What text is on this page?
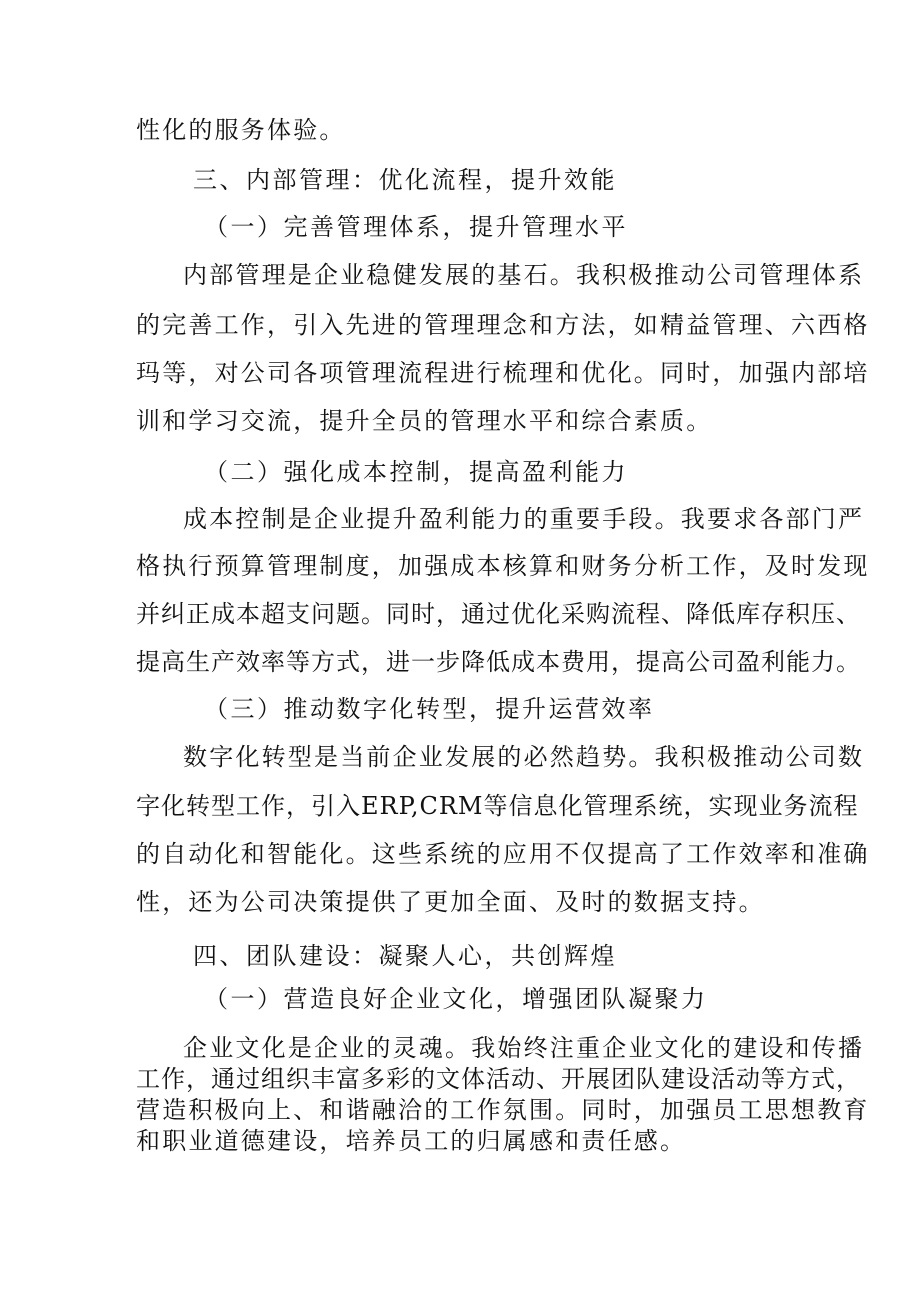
性化的服务体验。
三、内部管理：优化流程，提升效能
（一）完善管理体系，提升管理水平
内部管理是企业稳健发展的基石。我积极推动公司管理体系
的完善工作，引入先进的管理理念和方法，如精益管理、六西格
玛等，对公司各项管理流程进行梳理和优化。同时，加强内部培
训和学习交流，提升全员的管理水平和综合素质。
（二）强化成本控制，提高盈利能力
成本控制是企业提升盈利能力的重要手段。我要求各部门严
格执行预算管理制度，加强成本核算和财务分析工作，及时发现
并纠正成本超支问题。同时，通过优化采购流程、降低库存积压、
提高生产效率等方式，进一步降低成本费用，提高公司盈利能力。
（三）推动数字化转型，提升运营效率
数字化转型是当前企业发展的必然趋势。我积极推动公司数
字化转型工作，引入ERP,CRM等信息化管理系统，实现业务流程
的自动化和智能化。这些系统的应用不仅提高了工作效率和准确
性，还为公司决策提供了更加全面、及时的数据支持。
四、团队建设：凝聚人心，共创辉煌
（一）营造良好企业文化，增强团队凝聚力
企业文化是企业的灵魂。我始终注重企业文化的建设和传播
工作，通过组织丰富多彩的文体活动、开展团队建设活动等方式，
营造积极向上、和谐融洽的工作氛围。同时，加强员工思想教育
和职业道德建设，培养员工的归属感和责任感。
